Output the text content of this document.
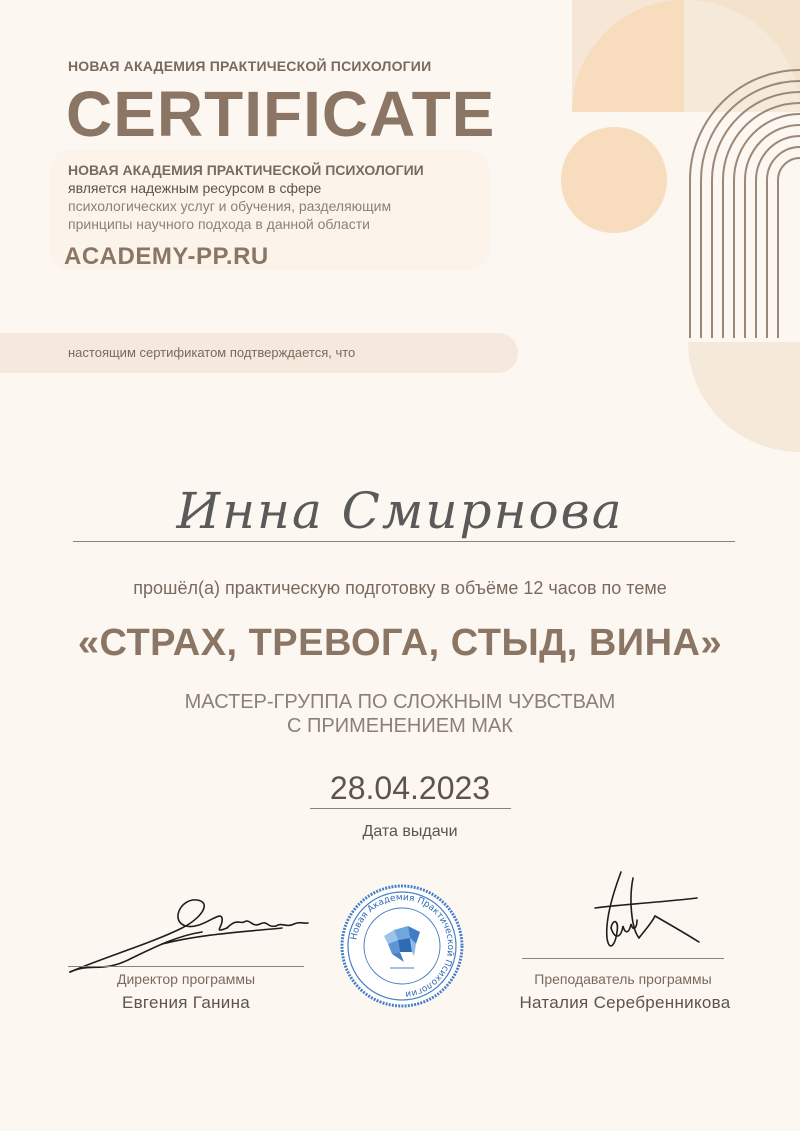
НОВАЯ АКАДЕМИЯ ПРАКТИЧЕСКОЙ ПСИХОЛОГИИ
CERTIFICATE
НОВАЯ АКАДЕМИЯ ПРАКТИЧЕСКОЙ ПСИХОЛОГИИ
является надежным ресурсом в сфере
психологических услуг и обучения, разделяющим
принципы научного подхода в данной области
ACADEMY-PP.RU
настоящим сертификатом подтверждается, что
Инна Смирнова
прошёл(а) практическую подготовку в объёме 12 часов по теме
«СТРАХ, ТРЕВОГА, СТЫД, ВИНА»
МАСТЕР-ГРУППА ПО СЛОЖНЫМ ЧУВСТВАМ
С ПРИМЕНЕНИЕМ МАК
28.04.2023
Дата выдачи
Директор программы
Евгения Ганина
Новая Академия Практической Психологии
Преподаватель программы
Наталия Серебренникова
